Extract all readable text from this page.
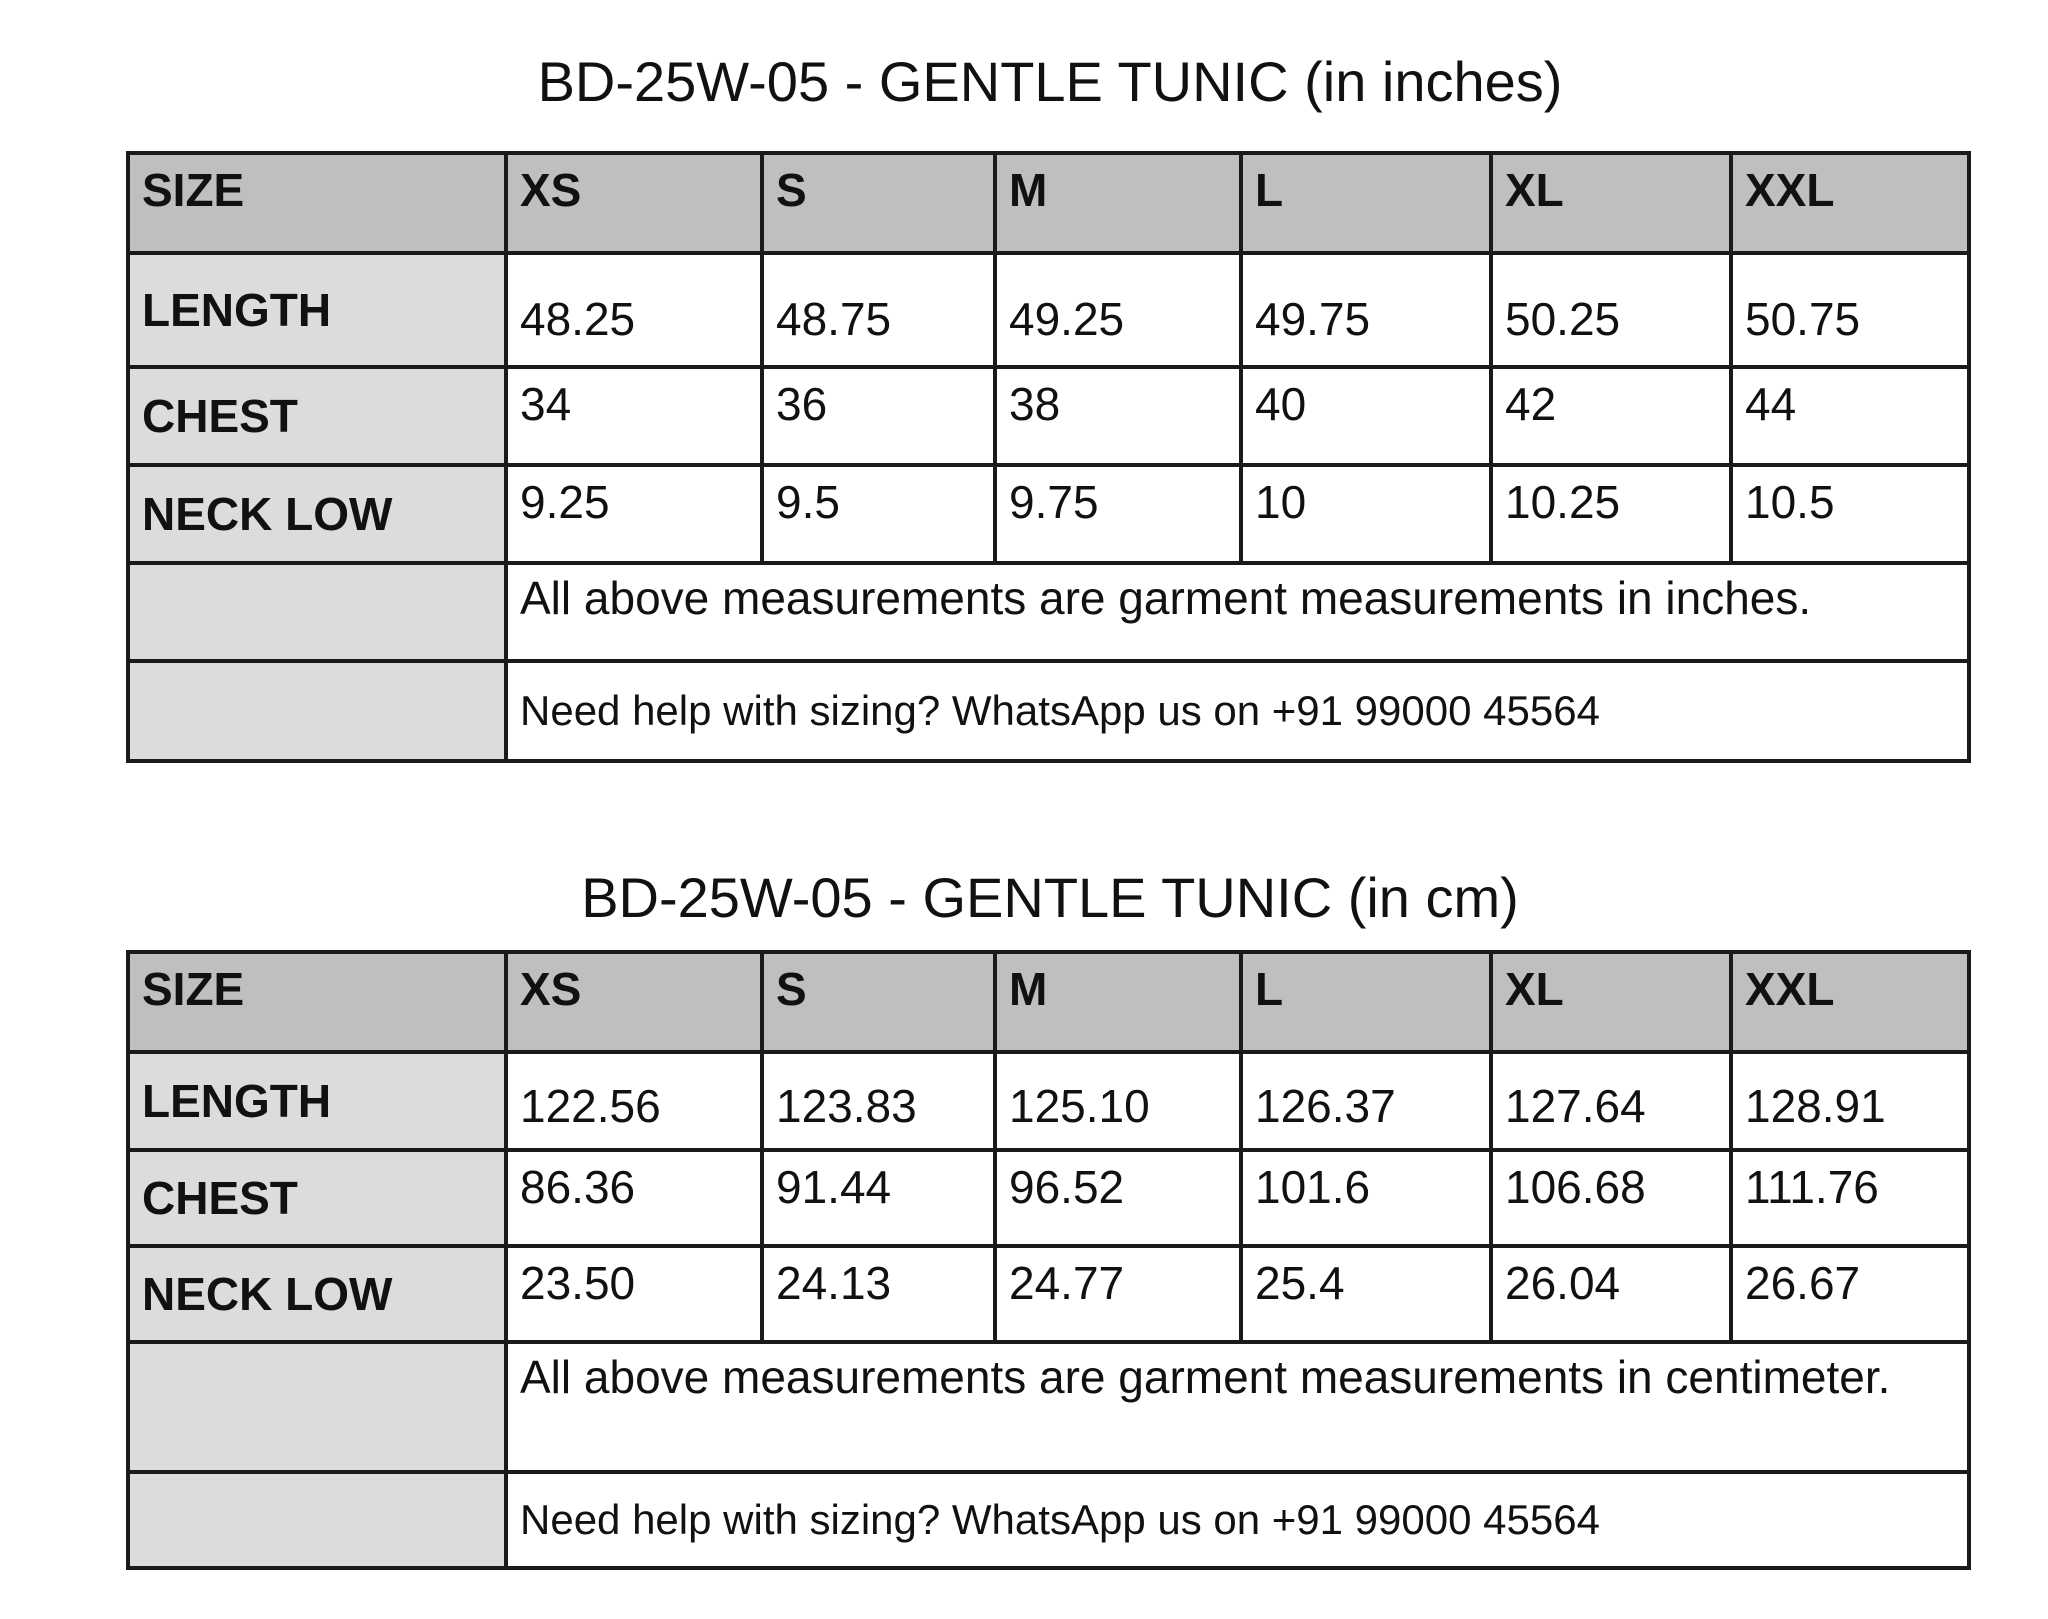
BD-25W-05 - GENTLE TUNIC (in inches)
SIZE	XS	S	M	L	XL	XXL
LENGTH	48.25	48.75	49.25	49.75	50.25	50.75
CHEST	34	36	38	40	42	44
NECK LOW	9.25	9.5	9.75	10	10.25	10.5
	All above measurements are garment measurements in inches.					
	Need help with sizing? WhatsApp us on +91 99000 45564					
BD-25W-05 - GENTLE TUNIC (in cm)
SIZE	XS	S	M	L	XL	XXL
LENGTH	122.56	123.83	125.10	126.37	127.64	128.91
CHEST	86.36	91.44	96.52	101.6	106.68	111.76
NECK LOW	23.50	24.13	24.77	25.4	26.04	26.67
	All above measurements are garment measurements in centimeter.					
	Need help with sizing? WhatsApp us on +91 99000 45564					
